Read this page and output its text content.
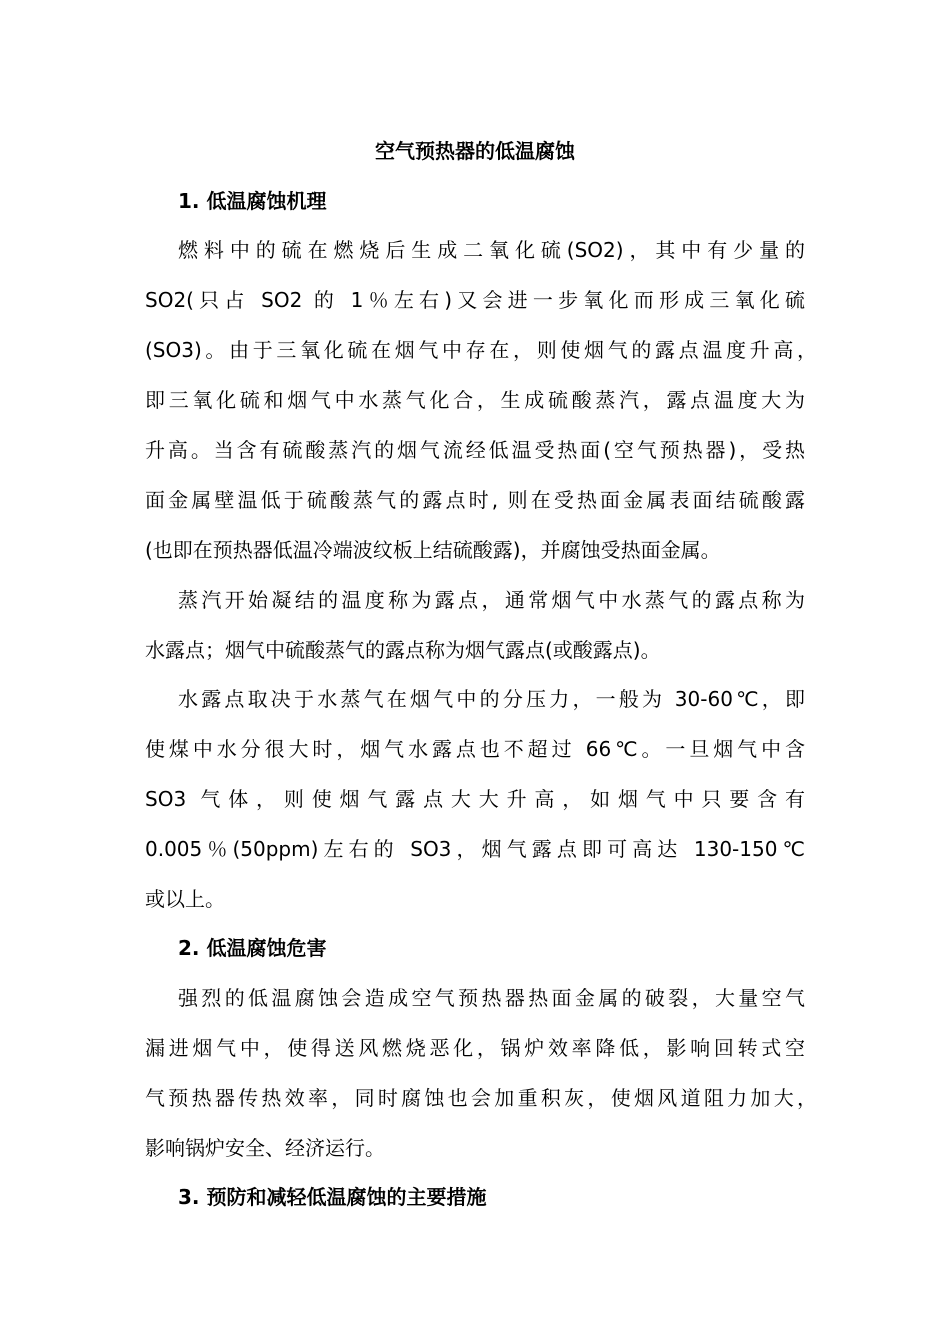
空气预热器的低温腐蚀
1. 低温腐蚀机理
燃料中的硫在燃烧后生成二氧化硫(SO2)，其中有少量的
SO2(只占 SO2 的 1％左右)又会进一步氧化而形成三氧化硫
(SO3)。由于三氧化硫在烟气中存在，则使烟气的露点温度升高，
即三氧化硫和烟气中水蒸气化合，生成硫酸蒸汽，露点温度大为
升高。当含有硫酸蒸汽的烟气流经低温受热面(空气预热器)，受热
面金属壁温低于硫酸蒸气的露点时, 则在受热面金属表面结硫酸露
(也即在预热器低温冷端波纹板上结硫酸露)，并腐蚀受热面金属。
蒸汽开始凝结的温度称为露点，通常烟气中水蒸气的露点称为
水露点；烟气中硫酸蒸气的露点称为烟气露点(或酸露点)。
水露点取决于水蒸气在烟气中的分压力，一般为 30-60℃，即
使煤中水分很大时，烟气水露点也不超过 66℃。一旦烟气中含
SO3 气体，则使烟气露点大大升高，如烟气中只要含有
0.005％(50ppm)左右的 SO3，烟气露点即可高达 130-150℃
或以上。
2. 低温腐蚀危害
强烈的低温腐蚀会造成空气预热器热面金属的破裂，大量空气
漏进烟气中，使得送风燃烧恶化，锅炉效率降低，影响回转式空
气预热器传热效率，同时腐蚀也会加重积灰，使烟风道阻力加大，
影响锅炉安全、经济运行。
3. 预防和减轻低温腐蚀的主要措施
